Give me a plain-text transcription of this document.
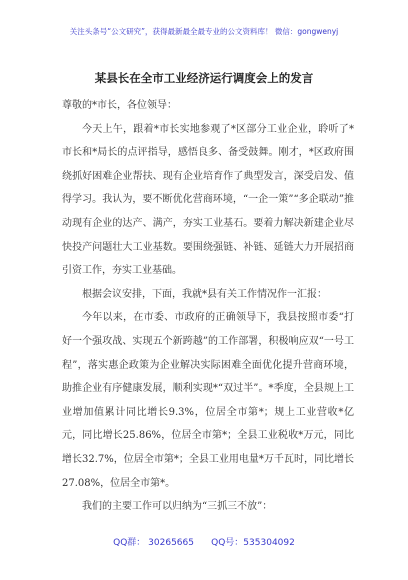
关注头条号“公文研究”，获得最新最全最专业的公文资料库！ 微信：gongwenyj
某县长在全市工业经济运行调度会上的发言

尊敬的*市长，各位领导：

今天上午，跟着*市长实地参观了*区部分工业企业，聆听了*市长和*局长的点评指导，感悟良多、备受鼓舞。刚才，*区政府围绕抓好困难企业帮扶、现有企业培育作了典型发言，深受启发、值得学习。我认为，要不断优化营商环境，“一企一策”“多企联动”推动现有企业的达产、满产，夯实工业基石。要着力解决新建企业尽快投产问题壮大工业基数。要围绕强链、补链、延链大力开展招商引资工作，夯实工业基础。

根据会议安排，下面，我就*县有关工作情况作一汇报：

今年以来，在市委、市政府的正确领导下，我县按照市委“打好一个强攻战、实现五个新跨越”的工作部署，积极响应双“一号工程”，落实惠企政策为企业解决实际困难全面优化提升营商环境，助推企业有序健康发展，顺利实现*“双过半”。*季度，全县规上工业增加值累计同比增长9.3%，位居全市第*；规上工业营收*亿元，同比增长25.86%，位居全市第*；全县工业税收*万元，同比增长32.7%，位居全市第*；全县工业用电量*万千瓦时，同比增长27.08%，位居全市第*。

我们的主要工作可以归纳为“三抓三不放”：

QQ群： 30265665      QQ号：535304092
